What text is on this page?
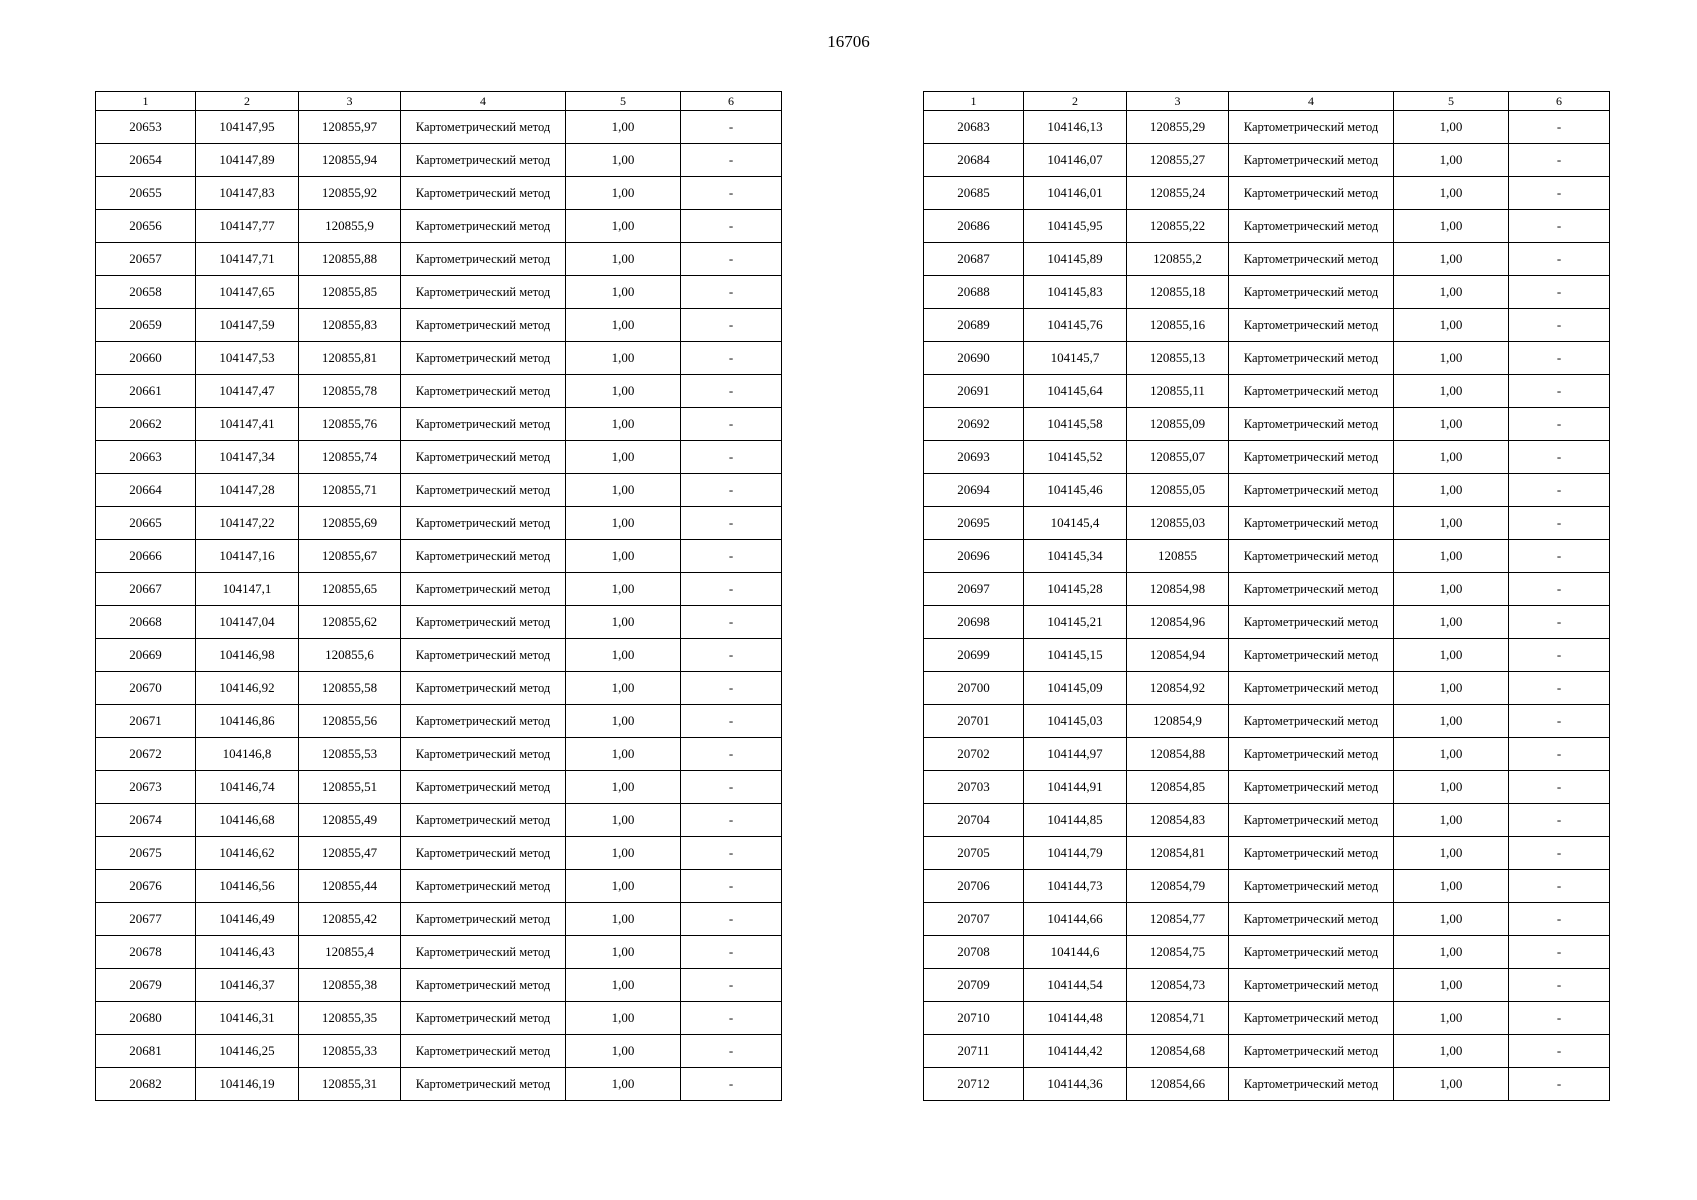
16706
1	2	3	4	5	6
20653	104147,95	120855,97	Картометрический метод	1,00	-
20654	104147,89	120855,94	Картометрический метод	1,00	-
20655	104147,83	120855,92	Картометрический метод	1,00	-
20656	104147,77	120855,9	Картометрический метод	1,00	-
20657	104147,71	120855,88	Картометрический метод	1,00	-
20658	104147,65	120855,85	Картометрический метод	1,00	-
20659	104147,59	120855,83	Картометрический метод	1,00	-
20660	104147,53	120855,81	Картометрический метод	1,00	-
20661	104147,47	120855,78	Картометрический метод	1,00	-
20662	104147,41	120855,76	Картометрический метод	1,00	-
20663	104147,34	120855,74	Картометрический метод	1,00	-
20664	104147,28	120855,71	Картометрический метод	1,00	-
20665	104147,22	120855,69	Картометрический метод	1,00	-
20666	104147,16	120855,67	Картометрический метод	1,00	-
20667	104147,1	120855,65	Картометрический метод	1,00	-
20668	104147,04	120855,62	Картометрический метод	1,00	-
20669	104146,98	120855,6	Картометрический метод	1,00	-
20670	104146,92	120855,58	Картометрический метод	1,00	-
20671	104146,86	120855,56	Картометрический метод	1,00	-
20672	104146,8	120855,53	Картометрический метод	1,00	-
20673	104146,74	120855,51	Картометрический метод	1,00	-
20674	104146,68	120855,49	Картометрический метод	1,00	-
20675	104146,62	120855,47	Картометрический метод	1,00	-
20676	104146,56	120855,44	Картометрический метод	1,00	-
20677	104146,49	120855,42	Картометрический метод	1,00	-
20678	104146,43	120855,4	Картометрический метод	1,00	-
20679	104146,37	120855,38	Картометрический метод	1,00	-
20680	104146,31	120855,35	Картометрический метод	1,00	-
20681	104146,25	120855,33	Картометрический метод	1,00	-
20682	104146,19	120855,31	Картометрический метод	1,00	-
1	2	3	4	5	6
20683	104146,13	120855,29	Картометрический метод	1,00	-
20684	104146,07	120855,27	Картометрический метод	1,00	-
20685	104146,01	120855,24	Картометрический метод	1,00	-
20686	104145,95	120855,22	Картометрический метод	1,00	-
20687	104145,89	120855,2	Картометрический метод	1,00	-
20688	104145,83	120855,18	Картометрический метод	1,00	-
20689	104145,76	120855,16	Картометрический метод	1,00	-
20690	104145,7	120855,13	Картометрический метод	1,00	-
20691	104145,64	120855,11	Картометрический метод	1,00	-
20692	104145,58	120855,09	Картометрический метод	1,00	-
20693	104145,52	120855,07	Картометрический метод	1,00	-
20694	104145,46	120855,05	Картометрический метод	1,00	-
20695	104145,4	120855,03	Картометрический метод	1,00	-
20696	104145,34	120855	Картометрический метод	1,00	-
20697	104145,28	120854,98	Картометрический метод	1,00	-
20698	104145,21	120854,96	Картометрический метод	1,00	-
20699	104145,15	120854,94	Картометрический метод	1,00	-
20700	104145,09	120854,92	Картометрический метод	1,00	-
20701	104145,03	120854,9	Картометрический метод	1,00	-
20702	104144,97	120854,88	Картометрический метод	1,00	-
20703	104144,91	120854,85	Картометрический метод	1,00	-
20704	104144,85	120854,83	Картометрический метод	1,00	-
20705	104144,79	120854,81	Картометрический метод	1,00	-
20706	104144,73	120854,79	Картометрический метод	1,00	-
20707	104144,66	120854,77	Картометрический метод	1,00	-
20708	104144,6	120854,75	Картометрический метод	1,00	-
20709	104144,54	120854,73	Картометрический метод	1,00	-
20710	104144,48	120854,71	Картометрический метод	1,00	-
20711	104144,42	120854,68	Картометрический метод	1,00	-
20712	104144,36	120854,66	Картометрический метод	1,00	-
